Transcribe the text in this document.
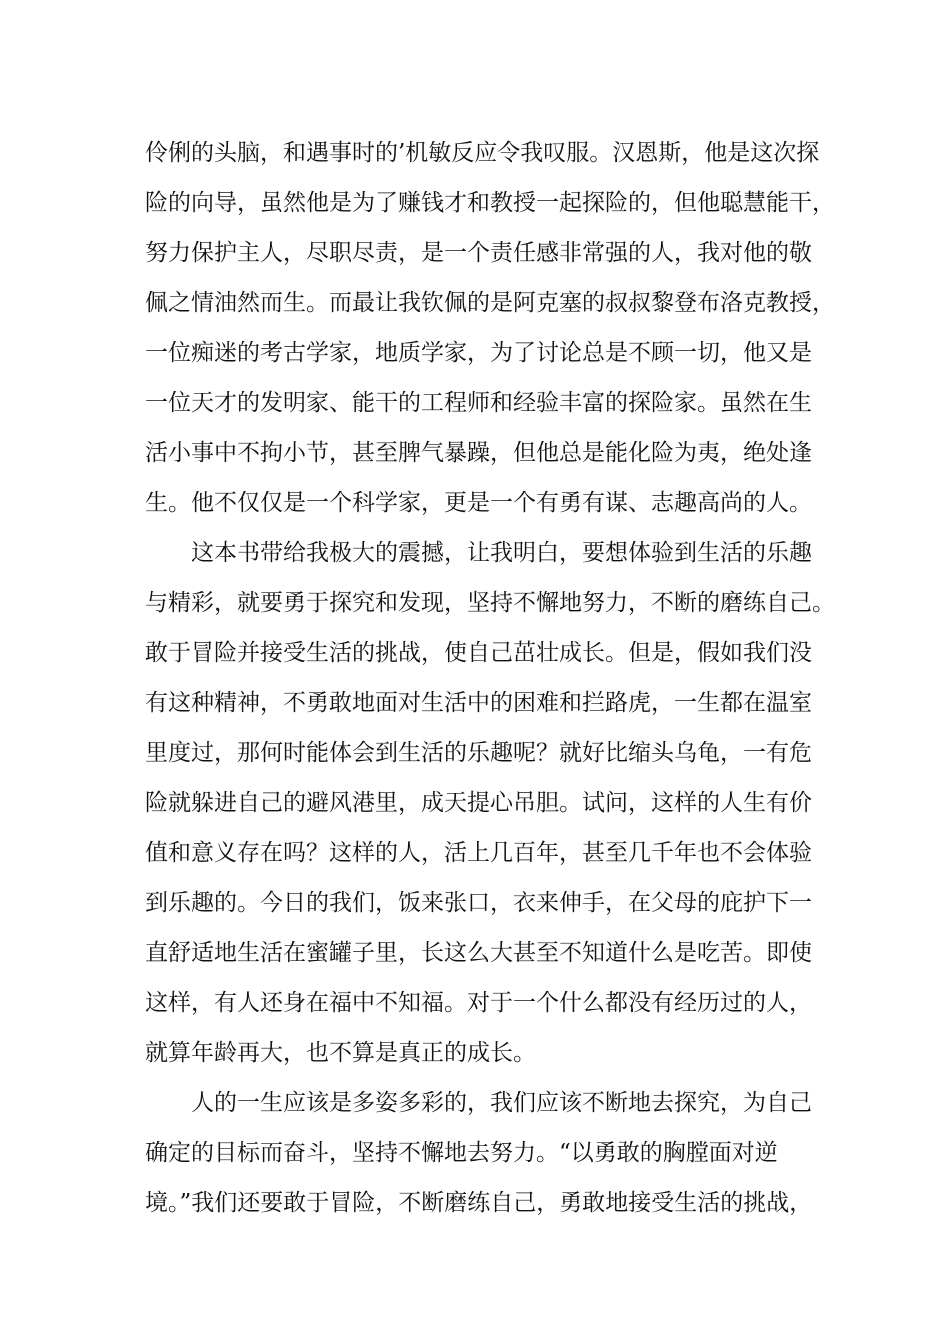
伶俐的头脑，和遇事时的’机敏反应令我叹服。汉恩斯，他是这次探
险的向导，虽然他是为了赚钱才和教授一起探险的，但他聪慧能干，
努力保护主人，尽职尽责，是一个责任感非常强的人，我对他的敬
佩之情油然而生。而最让我钦佩的是阿克塞的叔叔黎登布洛克教授，
一位痴迷的考古学家，地质学家，为了讨论总是不顾一切，他又是
一位天才的发明家、能干的工程师和经验丰富的探险家。虽然在生
活小事中不拘小节，甚至脾气暴躁，但他总是能化险为夷，绝处逢
生。他不仅仅是一个科学家，更是一个有勇有谋、志趣高尚的人。
这本书带给我极大的震撼，让我明白，要想体验到生活的乐趣
与精彩，就要勇于探究和发现，坚持不懈地努力，不断的磨练自己。
敢于冒险并接受生活的挑战，使自己茁壮成长。但是，假如我们没
有这种精神，不勇敢地面对生活中的困难和拦路虎，一生都在温室
里度过，那何时能体会到生活的乐趣呢？就好比缩头乌龟，一有危
险就躲进自己的避风港里，成天提心吊胆。试问，这样的人生有价
值和意义存在吗？这样的人，活上几百年，甚至几千年也不会体验
到乐趣的。今日的我们，饭来张口，衣来伸手，在父母的庇护下一
直舒适地生活在蜜罐子里，长这么大甚至不知道什么是吃苦。即使
这样，有人还身在福中不知福。对于一个什么都没有经历过的人，
就算年龄再大，也不算是真正的成长。
人的一生应该是多姿多彩的，我们应该不断地去探究，为自己
确定的目标而奋斗，坚持不懈地去努力。“以勇敢的胸膛面对逆
境。”我们还要敢于冒险，不断磨练自己，勇敢地接受生活的挑战，
